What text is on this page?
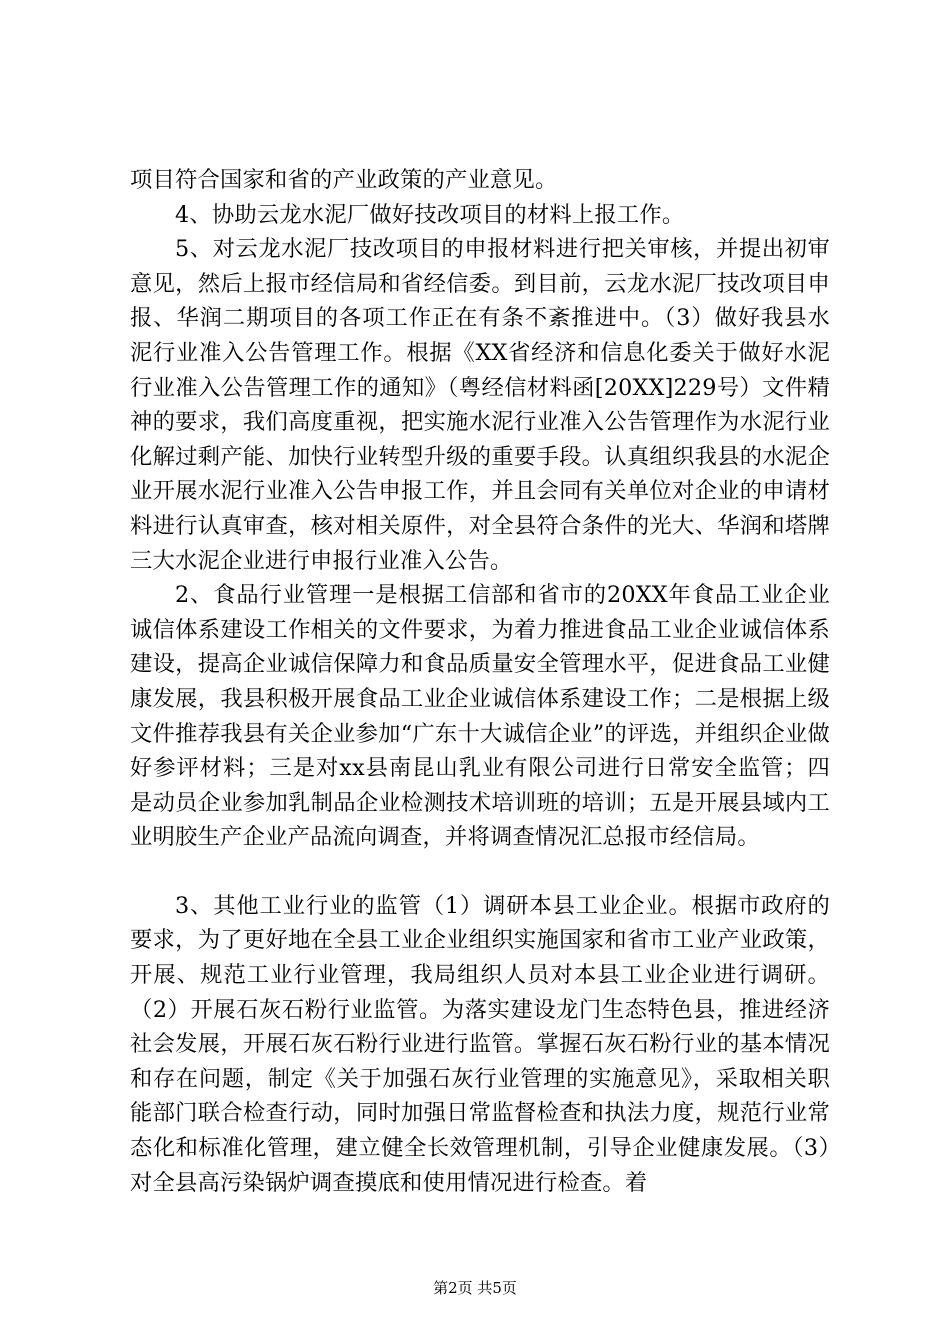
项目符合国家和省的产业政策的产业意见。

4、协助云龙水泥厂做好技改项目的材料上报工作。

5、对云龙水泥厂技改项目的申报材料进行把关审核，并提出初审意见，然后上报市经信局和省经信委。到目前，云龙水泥厂技改项目申报、华润二期项目的各项工作正在有条不紊推进中。（3）做好我县水泥行业准入公告管理工作。根据《XX省经济和信息化委关于做好水泥行业准入公告管理工作的通知》（粤经信材料函[20XX]229号）文件精神的要求，我们高度重视，把实施水泥行业准入公告管理作为水泥行业化解过剩产能、加快行业转型升级的重要手段。认真组织我县的水泥企业开展水泥行业准入公告申报工作，并且会同有关单位对企业的申请材料进行认真审查，核对相关原件，对全县符合条件的光大、华润和塔牌三大水泥企业进行申报行业准入公告。

2、食品行业管理一是根据工信部和省市的20XX年食品工业企业诚信体系建设工作相关的文件要求，为着力推进食品工业企业诚信体系建设，提高企业诚信保障力和食品质量安全管理水平，促进食品工业健康发展，我县积极开展食品工业企业诚信体系建设工作；二是根据上级文件推荐我县有关企业参加“广东十大诚信企业”的评选，并组织企业做好参评材料；三是对xx县南昆山乳业有限公司进行日常安全监管；四是动员企业参加乳制品企业检测技术培训班的培训；五是开展县域内工业明胶生产企业产品流向调查，并将调查情况汇总报市经信局。

3、其他工业行业的监管（1）调研本县工业企业。根据市政府的要求，为了更好地在全县工业企业组织实施国家和省市工业产业政策，开展、规范工业行业管理，我局组织人员对本县工业企业进行调研。（2）开展石灰石粉行业监管。为落实建设龙门生态特色县，推进经济社会发展，开展石灰石粉行业进行监管。掌握石灰石粉行业的基本情况和存在问题，制定《关于加强石灰行业管理的实施意见》，采取相关职能部门联合检查行动，同时加强日常监督检查和执法力度，规范行业常态化和标准化管理，建立健全长效管理机制，引导企业健康发展。（3）对全县高污染锅炉调查摸底和使用情况进行检查。着

第2页 共5页
